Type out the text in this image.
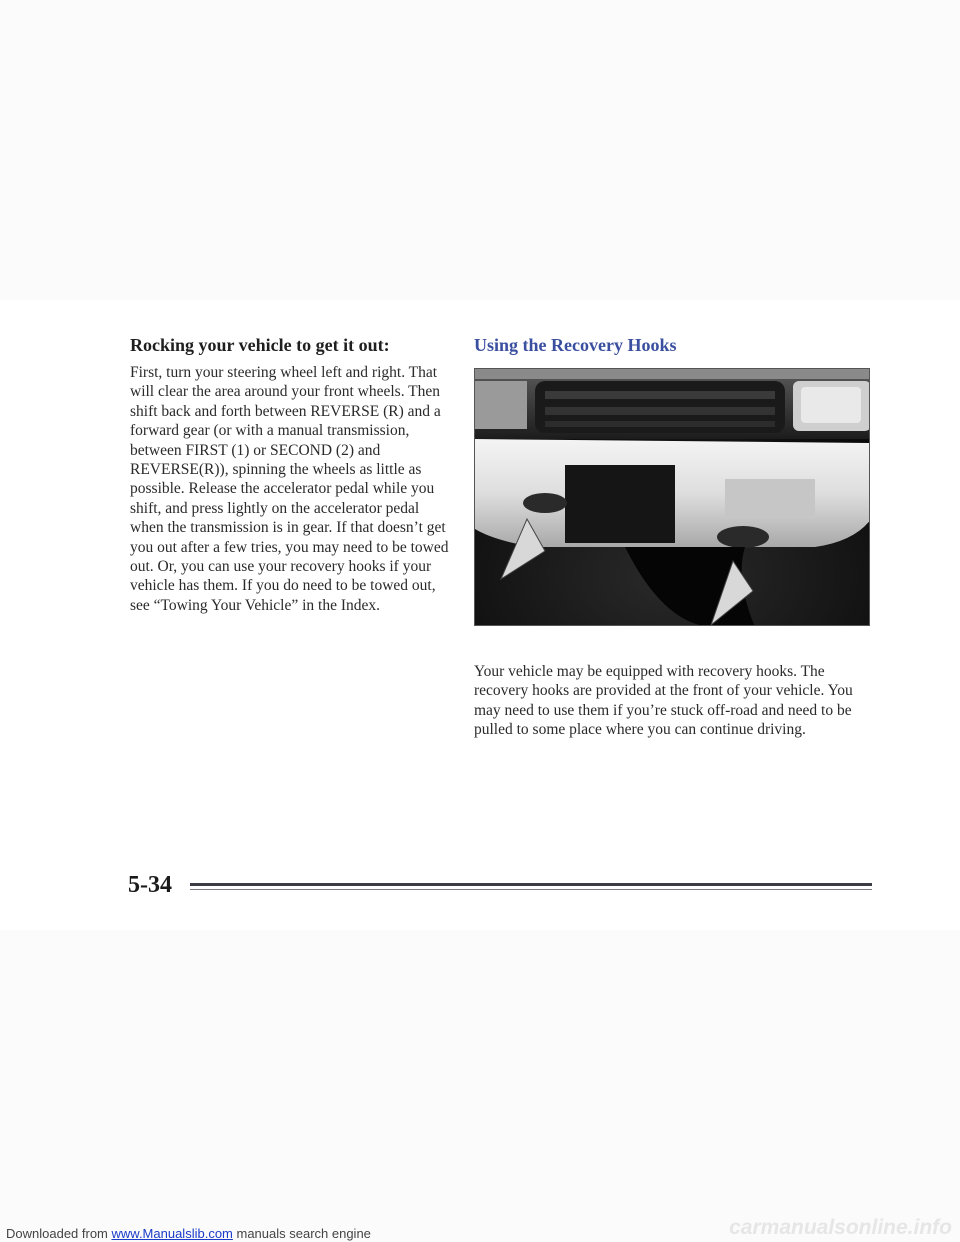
Rocking your vehicle to get it out:

First, turn your steering wheel left and right. That will clear the area around your front wheels. Then shift back and forth between REVERSE (R) and a forward gear (or with a manual transmission, between FIRST (1) or SECOND (2) and REVERSE(R)), spinning the wheels as little as possible. Release the accelerator pedal while you shift, and press lightly on the accelerator pedal when the transmission is in gear. If that doesn’t get you out after a few tries, you may need to be towed out. Or, you can use your recovery hooks if your vehicle has them. If you do need to be towed out, see “Towing Your Vehicle” in the Index.

Using the Recovery Hooks

Your vehicle may be equipped with recovery hooks. The recovery hooks are provided at the front of your vehicle. You may need to use them if you’re stuck off-road and need to be pulled to some place where you can continue driving.

5-34
Downloaded from www.Manualslib.com manuals search engine	carmanualsonline.info
